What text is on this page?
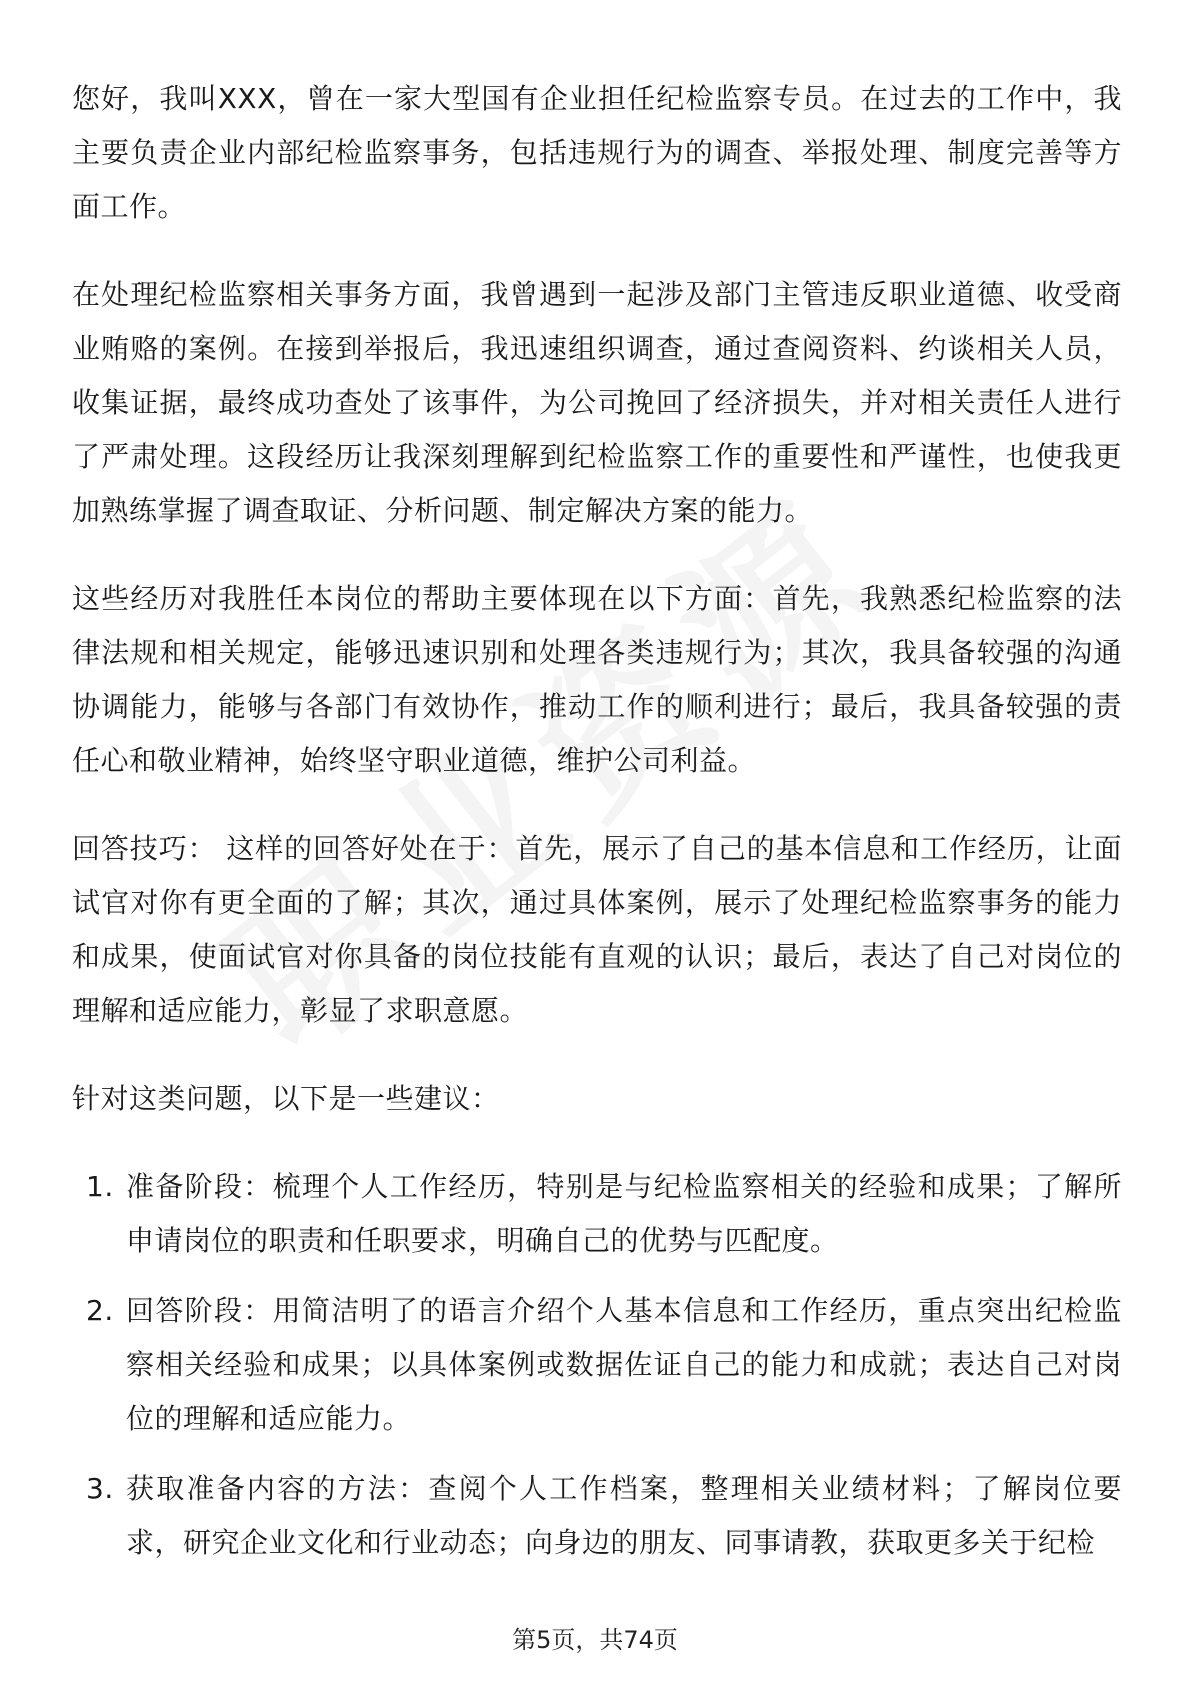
您好，我叫XXX，曾在一家大型国有企业担任纪检监察专员。在过去的工作中，我主要负责企业内部纪检监察事务，包括违规行为的调查、举报处理、制度完善等方面工作。

在处理纪检监察相关事务方面，我曾遇到一起涉及部门主管违反职业道德、收受商业贿赂的案例。在接到举报后，我迅速组织调查，通过查阅资料、约谈相关人员，收集证据，最终成功查处了该事件，为公司挽回了经济损失，并对相关责任人进行了严肃处理。这段经历让我深刻理解到纪检监察工作的重要性和严谨性，也使我更加熟练掌握了调查取证、分析问题、制定解决方案的能力。

这些经历对我胜任本岗位的帮助主要体现在以下方面：首先，我熟悉纪检监察的法律法规和相关规定，能够迅速识别和处理各类违规行为；其次，我具备较强的沟通协调能力，能够与各部门有效协作，推动工作的顺利进行；最后，我具备较强的责任心和敬业精神，始终坚守职业道德，维护公司利益。

回答技巧： 这样的回答好处在于：首先，展示了自己的基本信息和工作经历，让面试官对你有更全面的了解；其次，通过具体案例，展示了处理纪检监察事务的能力和成果，使面试官对你具备的岗位技能有直观的认识；最后，表达了自己对岗位的理解和适应能力，彰显了求职意愿。

针对这类问题，以下是一些建议：

1. 准备阶段：梳理个人工作经历，特别是与纪检监察相关的经验和成果；了解所申请岗位的职责和任职要求，明确自己的优势与匹配度。
2. 回答阶段：用简洁明了的语言介绍个人基本信息和工作经历，重点突出纪检监察相关经验和成果；以具体案例或数据佐证自己的能力和成就；表达自己对岗位的理解和适应能力。
3. 获取准备内容的方法：查阅个人工作档案，整理相关业绩材料；了解岗位要求，研究企业文化和行业动态；向身边的朋友、同事请教，获取更多关于纪检
第5页，共74页
